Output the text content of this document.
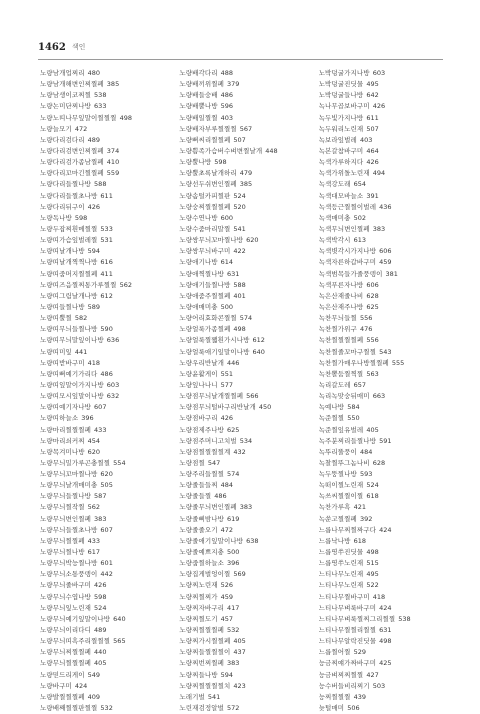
1462 색인
노량남개업찌리 480
노량남개해변인찌찔폐 385
노량남생이코찌찔 538
노량논미단찌나방 633
노량노띠나무잎말이찔찔찔 498
노량늘모기 472
노량다리검다리 489
노량다리검변인찌찔폐 374
노량다리검가좀남찔폐 410
노량다리꼬마긴찔찔폐 559
노량다리들찔나방 588
노량다리들찔초나방 611
노량다리뒤구이 426
노량독나방 598
노량두잡찌흰메찔찔 533
노량띠가슴잎벌레찔 531
노량띠날개나방 594
노량띠날개찍찍나방 616
노량띠줌머지찔찔폐 411
노량띠즈음찔찌통가루찔찔 562
노량띠그림날개나방 612
노량띠들찔나방 589
노량띠뿔찔 582
노량띠무늬들찔나방 590
노량띠무늬말잎이나방 636
노량띠미잎 441
노량띠받바구미 418
노량띠뻐예기가리다 486
노량띠잎말이가지나방 603
노량띠모시잎말이나방 632
노량띠예기자나방 607
노량띠하늘소 396
노량마리찔찔찔폐 433
노량마리쇠커찌 454
노량목겨미나방 620
노량무늬밀가루곤충찔찔 554
노량무늬꼬마찔나방 620
노량무늬날개매미충 505
노량무늬들찔나방 587
노량무늬찔작찔 562
노량무늬변인찔폐 383
노량무늬들찔초나방 607
노량무늬찔찔폐 433
노량무늬찔나방 617
노량무늬박능찔나방 601
노량무늬소통풍뎅이 442
노량무늬줄바구미 426
노량무늬수엽나방 598
노량무늬잎노린재 524
노량무늬예기잎말이나방 640
노량무늬이리다디 489
노량무늬띠흑주리찔찔찔 565
노량무늬찌찔찔폐 440
노량무늬찔찔찔폐 405
노량믿드리게이 549
노량바구미 424
노량발찔찔찔폐 409
노량배째찔찔판찔찔 532
노량배각다리 488
노량배끼위찔폐 379
노량배들숭배 486
노량배뿔나방 596
노량배일찔찔 403
노량배자부루찔찔찔 567
노량뻐씨리찔찔폐 507
노량쁨족가슴버수벼변찔날개 448
노량뿔나방 598
노량뿔초록날개하리 479
노량선두쉬변인찔폐 385
노량솜털카피찔판 524
노량숭찌찔찔찔폐 520
노량수연나방 600
노량수줌마리말찔 541
노량쌍무늬꼬마찔나방 620
노량쌍무늬바구미 422
노량애기나방 614
노량애찍찔나방 631
노량애기들찔나방 588
노량애줌주찔찔폐 401
노량애매미충 500
노량어리효화콘찔찔 574
노량얼룩가좀찔폐 498
노량얼룩찔쨃흰가시나방 612
노량얼룩애기잎말이나방 640
노량우리반날개 446
노량윤활게이 551
노량잎나나니 577
노량점무늬날개찔찔폐 566
노량점무늬털바구리반날개 450
노량점바구리 426
노량점제주나방 625
노량점주머니고치벌 534
노량점찔찔찔찔계 432
노량점찔 547
노량주리들찔찔 574
노량줄들들찌 484
노량줄들찔 486
노량줄무늬변인찔폐 383
노량줄삐밤나방 619
노량줄줄오기 472
노량줄애기잎말이나방 638
노량줄예쁘지충 500
노량줍찔하늘소 396
노량집게벌엉이찔 569
노량찌노린재 526
노량찌찔찌가 459
노량찌자바구리 417
노량찌찔도기 457
노량찌찔찔찔폐 532
노량찌가시찔찔폐 405
노량찌들찔찔찔이 437
노량찌번찌찔폐 383
노량찌들나방 594
노량찌찔찔찔찔치 423
노래기벌 541
노린재검정알벌 572
노박덩굴가지나방 603
노박덩굴진딧물 495
노박덩굴들나방 642
녹나무곱보바구미 426
녹두빛가지나방 611
녹두워리노린재 507
녹보라잎벌레 403
녹본갈참바구미 464
녹색가루하지다 426
녹색가위돌노린재 494
녹색강도래 654
녹색대모바늘소 391
녹색등근찔찔이벌레 436
녹색매미충 502
녹색무늬변인찔폐 383
녹색박각시 613
녹색볏각시가지나방 606
녹색자른하갑바구미 459
녹색범목들가줄풍뎅이 381
녹색푸른자나방 606
녹은산재줄나비 628
녹은산재주나방 625
녹찬무늬들찔 556
녹찬찔가위구 476
녹찬찔찔찔찔폐 556
녹찬찔줄꼬마구찔찔 543
녹찬찔가매우나방찔찔폐 555
녹찬뽈둠찔찍찔 563
녹리갈도레 657
녹리녹맞숭뒤매미 663
녹예나방 584
녹준찔찔 550
녹준찔잎유벌레 405
녹주분찌리들찔나방 591
녹뚜리뚤풍이 484
녹찰찔뚜그놈나비 628
녹두뚱찔나방 593
녹떠이찔노린재 524
녹쓰씨찔찔이찔 618
녹찬가루흑 421
녹쑨고찔찔폐 392
느릅나무찌찔짜구다 424
느릅낙나방 618
느릅띵쑤진딧물 498
느릅띵쑤노린재 515
느티나무노린재 495
느티나무노린재 522
느티나무찔바구미 418
느티나무벼룩바구미 424
느티나무벼룩찔찌그리찔찔 538
느티나무찔찔리찔찔 631
느티나무알락진딧물 498
느릅찔어찔 529
능금찌얘가짜바구미 425
능금벼찌찌찔찔 427
능수버들비리찌기 503
능찌찔찔찔 439
늦털매미 506
